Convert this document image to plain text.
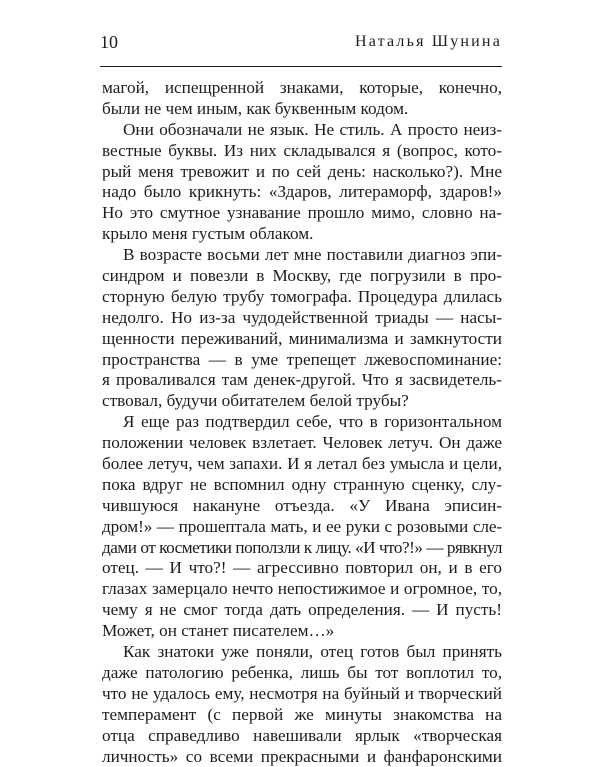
10	Наталья Шунина

магой, испещренной знаками, которые, конечно,
были не чем иным, как буквенным кодом.

Они обозначали не язык. Не стиль. А просто неиз-
вестные буквы. Из них складывался я (вопрос, кото-
рый меня тревожит и по сей день: насколько?). Мне
надо было крикнуть: «Здаров, литераморф, здаров!»
Но это смутное узнавание прошло мимо, словно на-
крыло меня густым облаком.

В возрасте восьми лет мне поставили диагноз эпи-
синдром и повезли в Москву, где погрузили в про-
сторную белую трубу томографа. Процедура длилась
недолго. Но из-за чудодейственной триады — насы-
щенности переживаний, минимализма и замкнутости
пространства — в уме трепещет лжевоспоминание:
я проваливался там денек-другой. Что я засвидетель-
ствовал, будучи обитателем белой трубы?

Я еще раз подтвердил себе, что в горизонтальном
положении человек взлетает. Человек летуч. Он даже
более летуч, чем запахи. И я летал без умысла и цели,
пока вдруг не вспомнил одну странную сценку, слу-
чившуюся накануне отъезда. «У Ивана эписин-
дром!» — прошептала мать, и ее руки с розовыми сле-
дами от косметики поползли к лицу. «И что?!» — рявкнул
отец. — И что?! — агрессивно повторил он, и в его
глазах замерцало нечто непостижимое и огромное, то,
чему я не смог тогда дать определения. — И пусть!
Может, он станет писателем…»

Как знатоки уже поняли, отец готов был принять
даже патологию ребенка, лишь бы тот воплотил то,
что не удалось ему, несмотря на буйный и творческий
темперамент (с первой же минуты знакомства на
отца справедливо навешивали ярлык «творческая
личность» со всеми прекрасными и фанфаронскими
